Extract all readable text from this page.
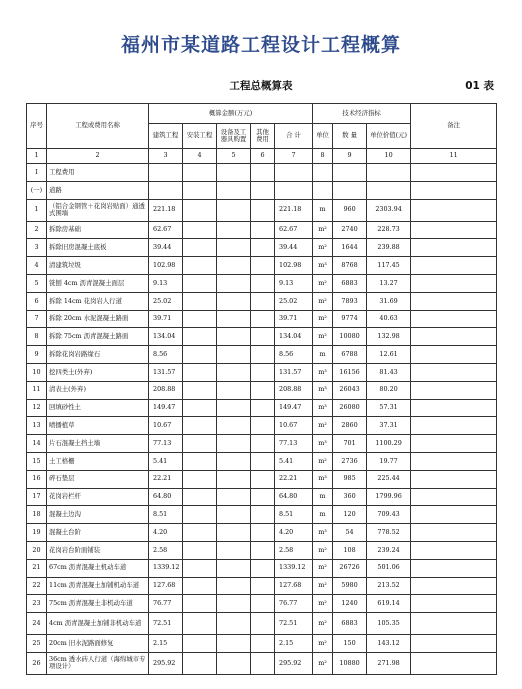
福州市某道路工程设计工程概算
工程总概算表	01 表
序号	工程或费用名称	概算金额(万元)					技术经济指标			备注
		建筑工程	安装工程	设备及工器具购置	其他费用	合 计	单位	数 量	单位价值(元)	
1	2	3	4	5	6	7	8	9	10	11
I	工程费用									
(一)	道路									
1	（铝合金钢管＋花岗岩贴面）通透式围墙	221.18				221.18	m	960	2303.94	
2	拆除房基础	62.67				62.67	m²	2740	228.73	
3	拆除旧房混凝土底板	39.44				39.44	m²	1644	239.88	
4	清建筑垃圾	102.98				102.98	m³	8768	117.45	
5	铣刨 4cm 沥青混凝土面层	9.13				9.13	m²	6883	13.27	
6	拆除 14cm 花岗岩人行道	25.02				25.02	m²	7893	31.69	
7	拆除 20cm 水泥混凝土路面	39.71				39.71	m²	9774	40.63	
8	拆除 75cm 沥青混凝土路面	134.04				134.04	m²	10080	132.98	
9	拆除花岗岩路缘石	8.56				8.56	m	6788	12.61	
10	挖四类土(外弃)	131.57				131.57	m³	16156	81.43	
11	清表土(外弃)	208.88				208.88	m³	26043	80.20	
12	回填砂性土	149.47				149.47	m³	26080	57.31	
13	喷播植草	10.67				10.67	m²	2860	37.31	
14	片石混凝土挡土墙	77.13				77.13	m³	701	1100.29	
15	土工格栅	5.41				5.41	m²	2736	19.77	
16	碎石垫层	22.21				22.21	m³	985	225.44	
17	花岗岩栏杆	64.80				64.80	m	360	1799.96	
18	混凝土边沟	8.51				8.51	m	120	709.43	
19	混凝土台阶	4.20				4.20	m³	54	778.52	
20	花岗岩台阶面铺装	2.58				2.58	m²	108	239.24	
21	67cm 沥青混凝土机动车道	1339.12				1339.12	m²	26726	501.06	
22	11cm 沥青混凝土加铺机动车道	127.68				127.68	m²	5980	213.52	
23	75cm 沥青混凝土非机动车道	76.77				76.77	m²	1240	619.14	
24	4cm 沥青混凝土加铺非机动车道	72.51				72.51	m²	6883	105.35	
25	20cm 旧水泥路面修复	2.15				2.15	m²	150	143.12	
26	36cm 透水砖人行道（海绵城市专项设计）	295.92				295.92	m²	10880	271.98	
